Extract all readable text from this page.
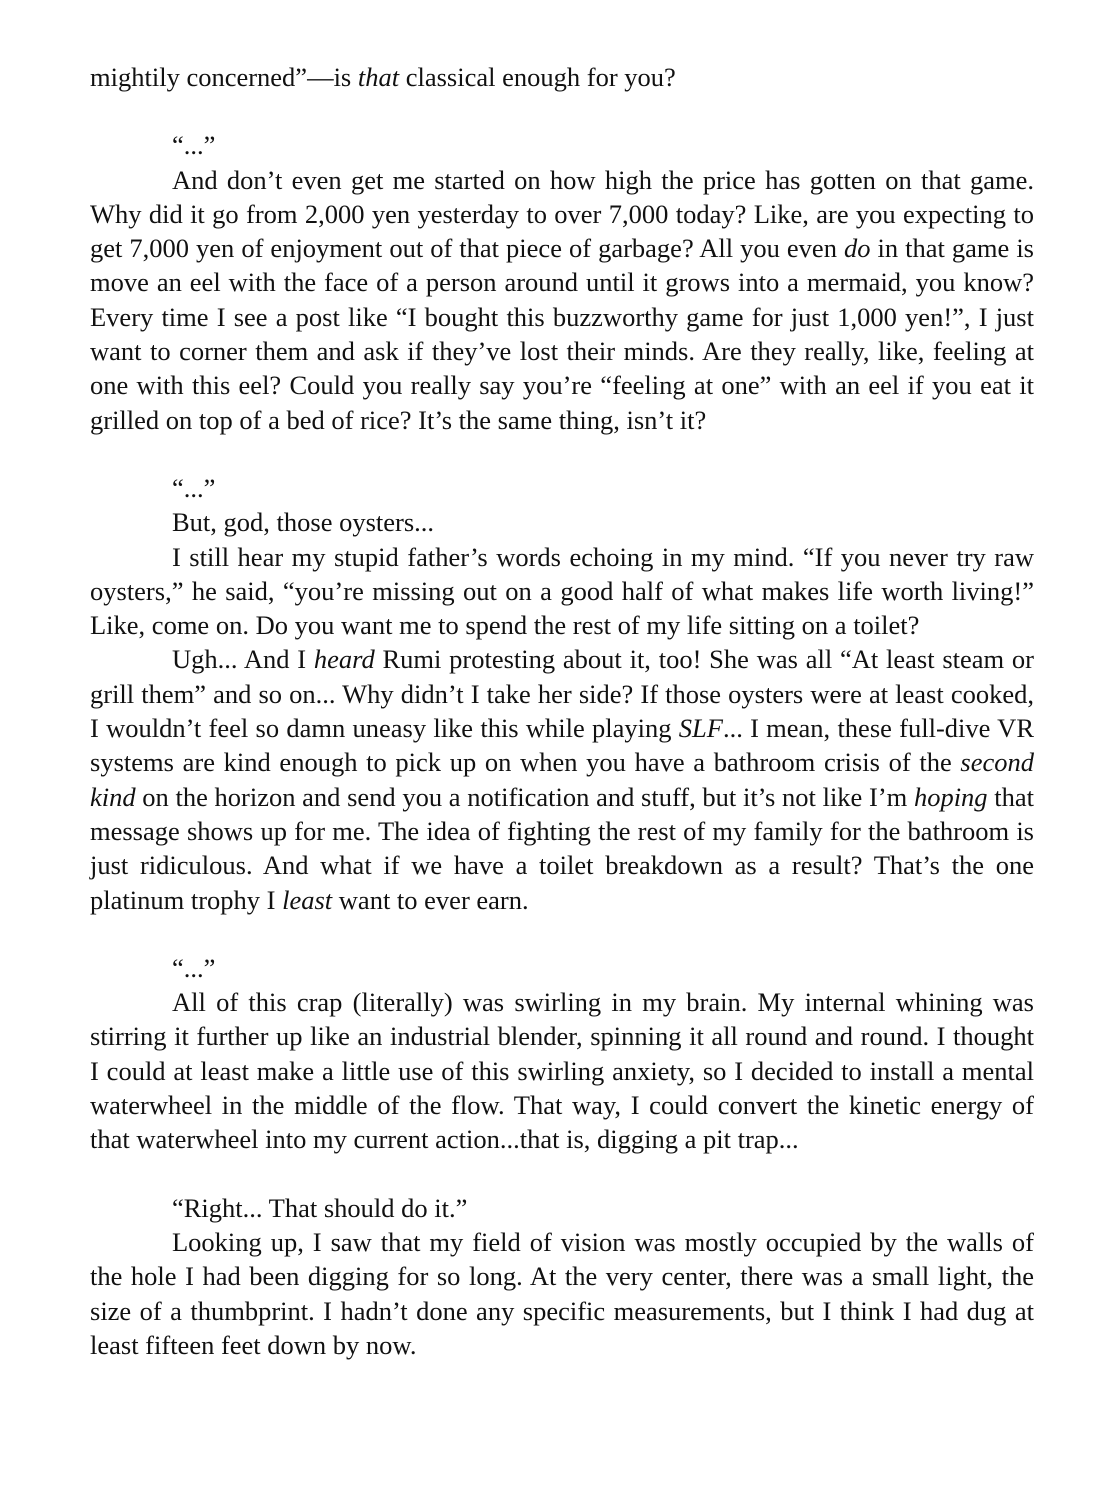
mightily concerned”—is that classical enough for you?

“...”

And don’t even get me started on how high the price has gotten on that game. Why did it go from 2,000 yen yesterday to over 7,000 today? Like, are you expecting to get 7,000 yen of enjoyment out of that piece of garbage? All you even do in that game is move an eel with the face of a person around until it grows into a mermaid, you know? Every time I see a post like “I bought this buzzworthy game for just 1,000 yen!”, I just want to corner them and ask if they’ve lost their minds. Are they really, like, feeling at one with this eel? Could you really say you’re “feeling at one” with an eel if you eat it grilled on top of a bed of rice? It’s the same thing, isn’t it?

“...”

But, god, those oysters...

I still hear my stupid father’s words echoing in my mind. “If you never try raw oysters,” he said, “you’re missing out on a good half of what makes life worth living!” Like, come on. Do you want me to spend the rest of my life sitting on a toilet?

Ugh... And I heard Rumi protesting about it, too! She was all “At least steam or grill them” and so on... Why didn’t I take her side? If those oysters were at least cooked, I wouldn’t feel so damn uneasy like this while playing SLF... I mean, these full-dive VR systems are kind enough to pick up on when you have a bathroom crisis of the second kind on the horizon and send you a notification and stuff, but it’s not like I’m hoping that message shows up for me. The idea of fighting the rest of my family for the bathroom is just ridiculous. And what if we have a toilet breakdown as a result? That’s the one platinum trophy I least want to ever earn.

“...”

All of this crap (literally) was swirling in my brain. My internal whining was stirring it further up like an industrial blender, spinning it all round and round. I thought I could at least make a little use of this swirling anxiety, so I decided to install a mental waterwheel in the middle of the flow. That way, I could convert the kinetic energy of that waterwheel into my current action...that is, digging a pit trap...

“Right... That should do it.”

Looking up, I saw that my field of vision was mostly occupied by the walls of the hole I had been digging for so long. At the very center, there was a small light, the size of a thumbprint. I hadn’t done any specific measurements, but I think I had dug at least fifteen feet down by now.
